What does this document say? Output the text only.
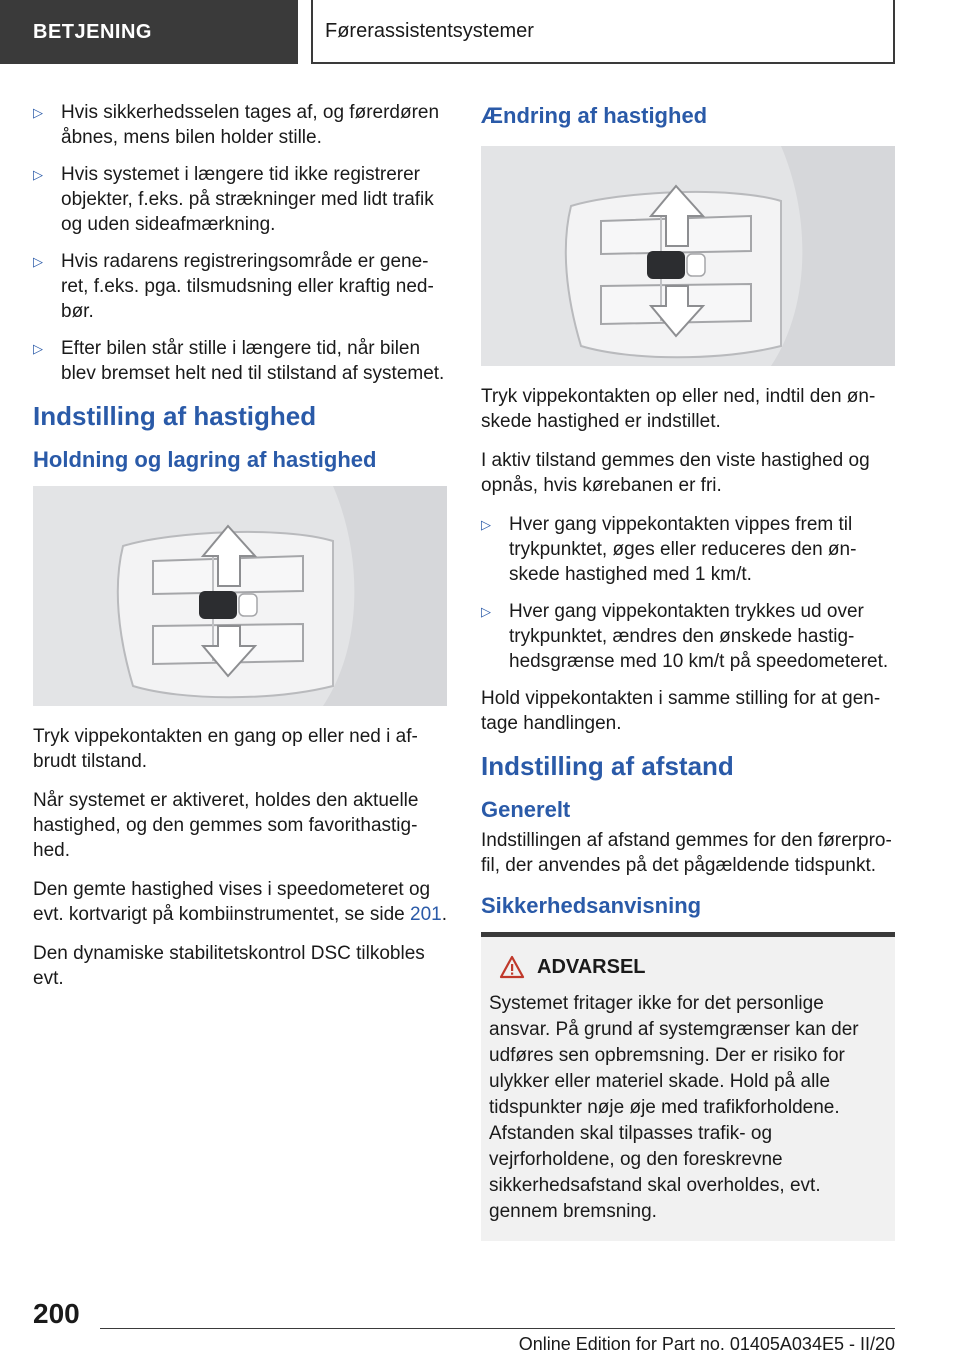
BETJENING	Førerassistentsystemer
▷ Hvis sikkerhedsselen tages af, og førerdøren åbnes, mens bilen holder stille.
▷ Hvis systemet i længere tid ikke registrerer objekter, f.eks. på strækninger med lidt trafik og uden sideafmærkning.
▷ Hvis radarens registreringsområde er generet, f.eks. pga. tilsmudsning eller kraftig nedbør.
▷ Efter bilen står stille i længere tid, når bilen blev bremset helt ned til stilstand af systemet.
Indstilling af hastighed
Holdning og lagring af hastighed

Tryk vippekontakten en gang op eller ned i afbrudt tilstand.

Når systemet er aktiveret, holdes den aktuelle hastighed, og den gemmes som favorithastighed.

Den gemte hastighed vises i speedometeret og evt. kortvarigt på kombiinstrumentet, se side 201.

Den dynamiske stabilitetskontrol DSC tilkobles evt.

Ændring af hastighed

Tryk vippekontakten op eller ned, indtil den ønskede hastighed er indstillet.

I aktiv tilstand gemmes den viste hastighed og opnås, hvis kørebanen er fri.

▷ Hver gang vippekontakten vippes frem til trykpunktet, øges eller reduceres den ønskede hastighed med 1 km/t.
▷ Hver gang vippekontakten trykkes ud over trykpunktet, ændres den ønskede hastighedsgrænse med 10 km/t på speedometeret.

Hold vippekontakten i samme stilling for at gentage handlingen.

Indstilling af afstand
Generelt

Indstillingen af afstand gemmes for den førerprofil, der anvendes på det pågældende tidspunkt.

Sikkerhedsanvisning
ADVARSEL

Systemet fritager ikke for det personlige ansvar. På grund af systemgrænser kan der udføres sen opbremsning. Der er risiko for ulykker eller materiel skade. Hold på alle tidspunkter nøje øje med trafikforholdene. Afstanden skal tilpasses trafik- og vejrforholdene, og den foreskrevne sikkerhedsafstand skal overholdes, evt. gennem bremsning.

200
Online Edition for Part no. 01405A034E5 - II/20
